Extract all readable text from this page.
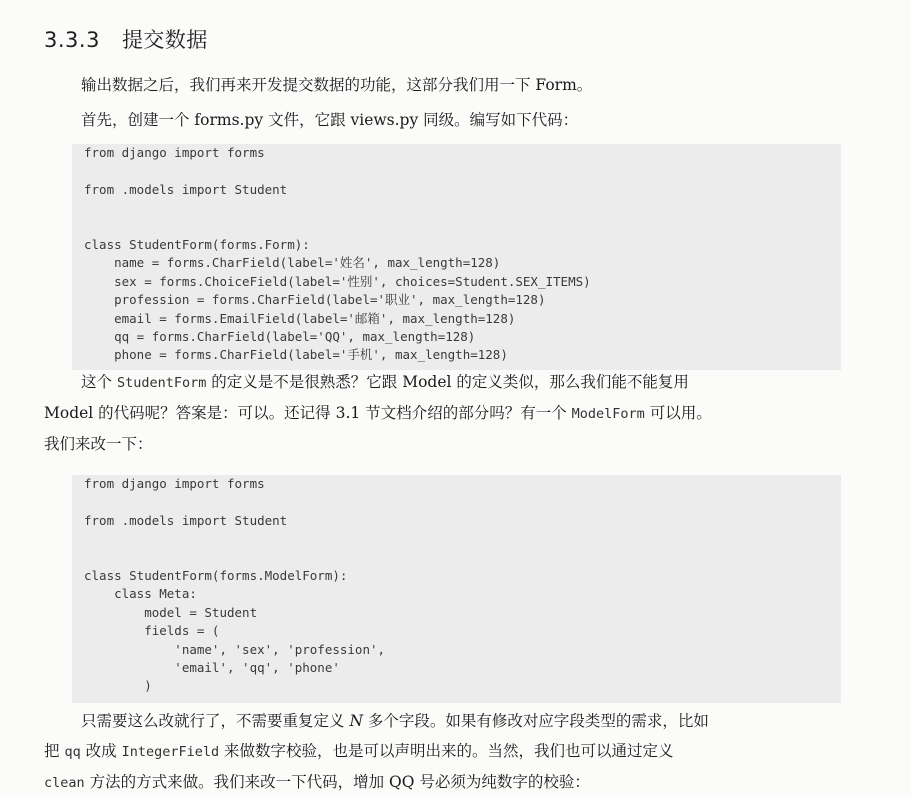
3.3.3 提交数据
输出数据之后，我们再来开发提交数据的功能，这部分我们用一下 Form。
首先，创建一个 forms.py 文件，它跟 views.py 同级。编写如下代码：
from django import forms
from .models import Student
class StudentForm(forms.Form):
name = forms.CharField(label='姓名', max_length=128)
sex = forms.ChoiceField(label='性别', choices=Student.SEX_ITEMS)
profession = forms.CharField(label='职业', max_length=128)
email = forms.EmailField(label='邮箱', max_length=128)
qq = forms.CharField(label='QQ', max_length=128)
phone = forms.CharField(label='手机', max_length=128)
这个 StudentForm 的定义是不是很熟悉？它跟 Model 的定义类似，那么我们能不能复用
Model 的代码呢？答案是：可以。还记得 3.1 节文档介绍的部分吗？有一个 ModelForm 可以用。
我们来改一下：
from django import forms
from .models import Student
class StudentForm(forms.ModelForm):
class Meta:
model = Student
fields = (
'name', 'sex', 'profession',
'email', 'qq', 'phone'
)
只需要这么改就行了，不需要重复定义 N 多个字段。如果有修改对应字段类型的需求，比如
把 qq 改成 IntegerField 来做数字校验，也是可以声明出来的。当然，我们也可以通过定义
clean 方法的方式来做。我们来改一下代码，增加 QQ 号必须为纯数字的校验：
